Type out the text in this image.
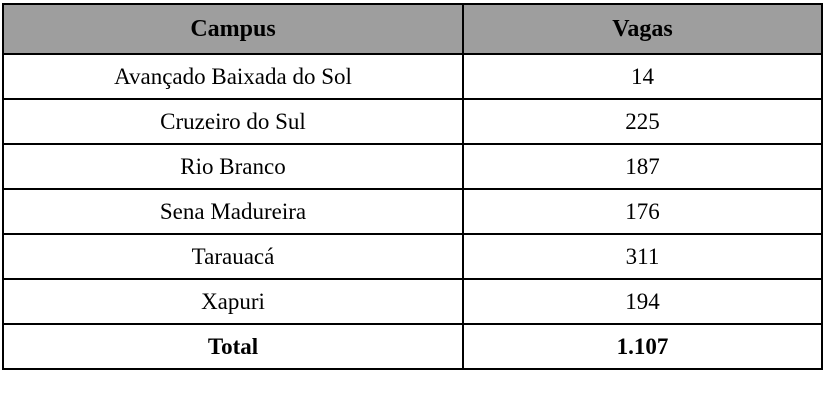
Campus	Vagas
Avançado Baixada do Sol	14
Cruzeiro do Sul	225
Rio Branco	187
Sena Madureira	176
Tarauacá	311
Xapuri	194
Total	1.107
